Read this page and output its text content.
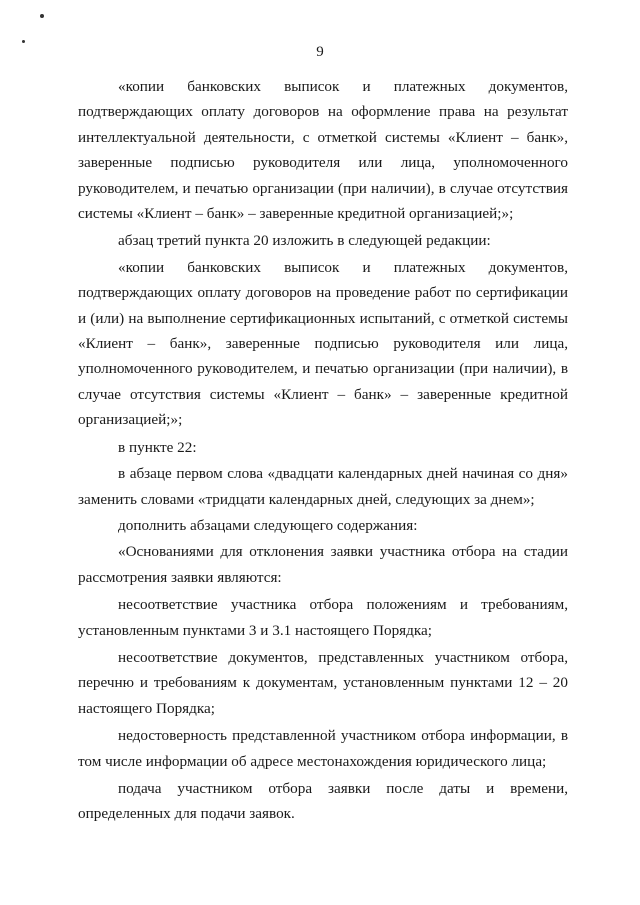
9

«копии банковских выписок и платежных документов, подтверждающих оплату договоров на оформление права на результат интеллектуальной деятельности, с отметкой системы «Клиент – банк», заверенные подписью руководителя или лица, уполномоченного руководителем, и печатью организации (при наличии), в случае отсутствия системы «Клиент – банк» – заверенные кредитной организацией;»;

абзац третий пункта 20 изложить в следующей редакции:

«копии банковских выписок и платежных документов, подтверждающих оплату договоров на проведение работ по сертификации и (или) на выполнение сертификационных испытаний, с отметкой системы «Клиент – банк», заверенные подписью руководителя или лица, уполномоченного руководителем, и печатью организации (при наличии), в случае отсутствия системы «Клиент – банк» – заверенные кредитной организацией;»;

в пункте 22:

в абзаце первом слова «двадцати календарных дней начиная со дня» заменить словами «тридцати календарных дней, следующих за днем»;

дополнить абзацами следующего содержания:

«Основаниями для отклонения заявки участника отбора на стадии рассмотрения заявки являются:

несоответствие участника отбора положениям и требованиям, установленным пунктами 3 и 3.1 настоящего Порядка;

несоответствие документов, представленных участником отбора, перечню и требованиям к документам, установленным пунктами 12 – 20 настоящего Порядка;

недостоверность представленной участником отбора информации, в том числе информации об адресе местонахождения юридического лица;

подача участником отбора заявки после даты и времени, определенных для подачи заявок.
